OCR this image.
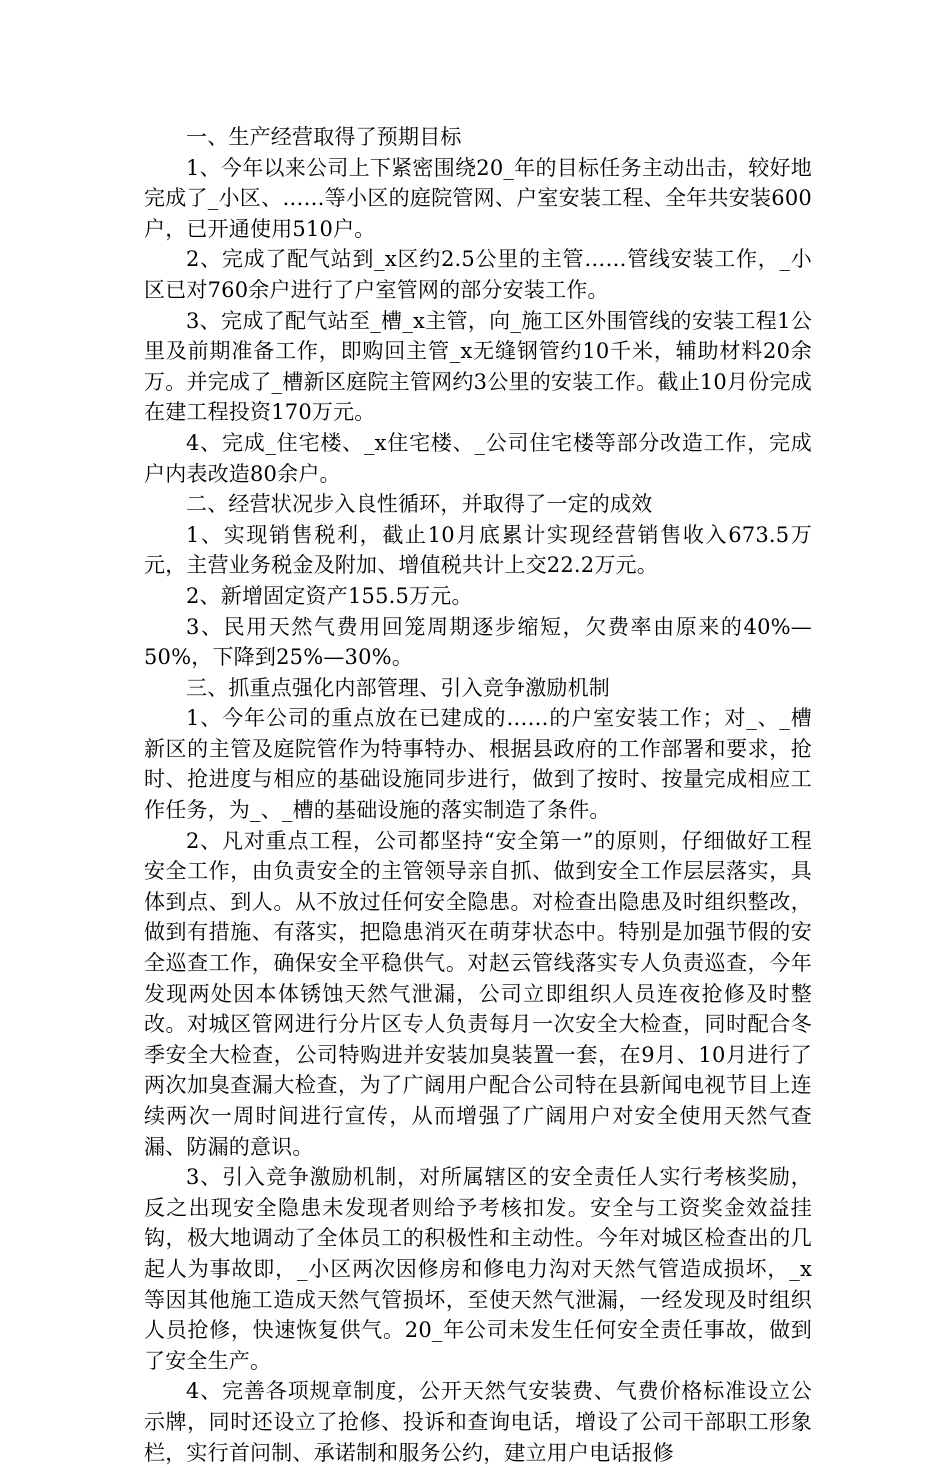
一、生产经营取得了预期目标

1、今年以来公司上下紧密围绕20_年的目标任务主动出击，较好地完成了_小区、……等小区的庭院管网、户室安装工程、全年共安装600户，已开通使用510户。

2、完成了配气站到_x区约2.5公里的主管……管线安装工作，_小区已对760余户进行了户室管网的部分安装工作。

3、完成了配气站至_槽_x主管，向_施工区外围管线的安装工程1公里及前期准备工作，即购回主管_x无缝钢管约10千米，辅助材料20余万。并完成了_槽新区庭院主管网约3公里的安装工作。截止10月份完成在建工程投资170万元。

4、完成_住宅楼、_x住宅楼、_公司住宅楼等部分改造工作，完成户内表改造80余户。

二、经营状况步入良性循环，并取得了一定的成效

1、实现销售税利，截止10月底累计实现经营销售收入673.5万元，主营业务税金及附加、增值税共计上交22.2万元。

2、新增固定资产155.5万元。

3、民用天然气费用回笼周期逐步缩短，欠费率由原来的40%—50%，下降到25%—30%。

三、抓重点强化内部管理、引入竞争激励机制

1、今年公司的重点放在已建成的……的户室安装工作；对_、_槽新区的主管及庭院管作为特事特办、根据县政府的工作部署和要求，抢时、抢进度与相应的基础设施同步进行，做到了按时、按量完成相应工作任务，为_、_槽的基础设施的落实制造了条件。

2、凡对重点工程，公司都坚持“安全第一”的原则，仔细做好工程安全工作，由负责安全的主管领导亲自抓、做到安全工作层层落实，具体到点、到人。从不放过任何安全隐患。对检查出隐患及时组织整改，做到有措施、有落实，把隐患消灭在萌芽状态中。特别是加强节假的安全巡查工作，确保安全平稳供气。对赵云管线落实专人负责巡查，今年发现两处因本体锈蚀天然气泄漏，公司立即组织人员连夜抢修及时整改。对城区管网进行分片区专人负责每月一次安全大检查，同时配合冬季安全大检查，公司特购进并安装加臭装置一套，在9月、10月进行了两次加臭查漏大检查，为了广阔用户配合公司特在县新闻电视节目上连续两次一周时间进行宣传，从而增强了广阔用户对安全使用天然气查漏、防漏的意识。

3、引入竞争激励机制，对所属辖区的安全责任人实行考核奖励，反之出现安全隐患未发现者则给予考核扣发。安全与工资奖金效益挂钩，极大地调动了全体员工的积极性和主动性。今年对城区检查出的几起人为事故即，_小区两次因修房和修电力沟对天然气管造成损坏，_x等因其他施工造成天然气管损坏，至使天然气泄漏，一经发现及时组织人员抢修，快速恢复供气。20_年公司未发生任何安全责任事故，做到了安全生产。

4、完善各项规章制度，公开天然气安装费、气费价格标准设立公示牌，同时还设立了抢修、投诉和查询电话，增设了公司干部职工形象栏，实行首问制、承诺制和服务公约，建立用户电话报修
